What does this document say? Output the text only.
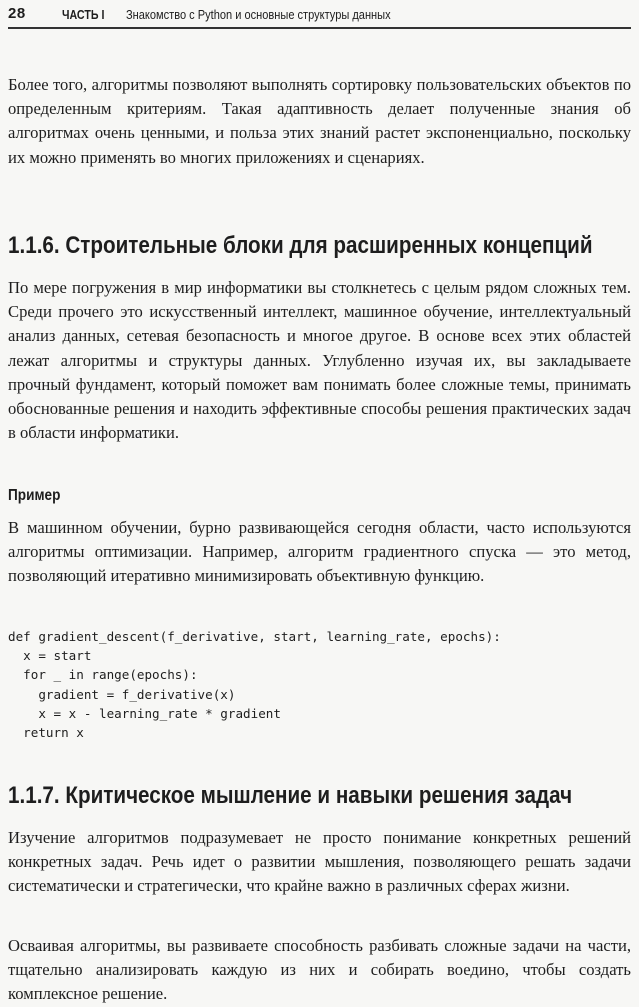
28	ЧАСТЬ I Знакомство с Python и основные структуры данных

Более того, алгоритмы позволяют выполнять сортировку пользовательских объектов по определенным критериям. Такая адаптивность делает полученные знания об алгоритмах очень ценными, и польза этих знаний растет экспоненциально, поскольку их можно применять во многих приложениях и сценариях.

1.1.6. Строительные блоки для расширенных концепций

По мере погружения в мир информатики вы столкнетесь с целым рядом сложных тем. Среди прочего это искусственный интеллект, машинное обучение, интеллектуальный анализ данных, сетевая безопасность и многое другое. В основе всех этих областей лежат алгоритмы и структуры данных. Углубленно изучая их, вы закладываете прочный фундамент, который поможет вам понимать более сложные темы, принимать обоснованные решения и находить эффективные способы решения практических задач в области информатики.

Пример

В машинном обучении, бурно развивающейся сегодня области, часто используются алгоритмы оптимизации. Например, алгоритм градиентного спуска — это метод, позволяющий итеративно минимизировать объективную функцию.

def gradient_descent(f_derivative, start, learning_rate, epochs):
x = start
for _ in range(epochs):
gradient = f_derivative(x)
x = x - learning_rate * gradient
return x
1.1.7. Критическое мышление и навыки решения задач

Изучение алгоритмов подразумевает не просто понимание конкретных решений конкретных задач. Речь идет о развитии мышления, позволяющего решать задачи систематически и стратегически, что крайне важно в различных сферах жизни.

Осваивая алгоритмы, вы развиваете способность разбивать сложные задачи на части, тщательно анализировать каждую из них и собирать воедино, чтобы создать комплексное решение.
